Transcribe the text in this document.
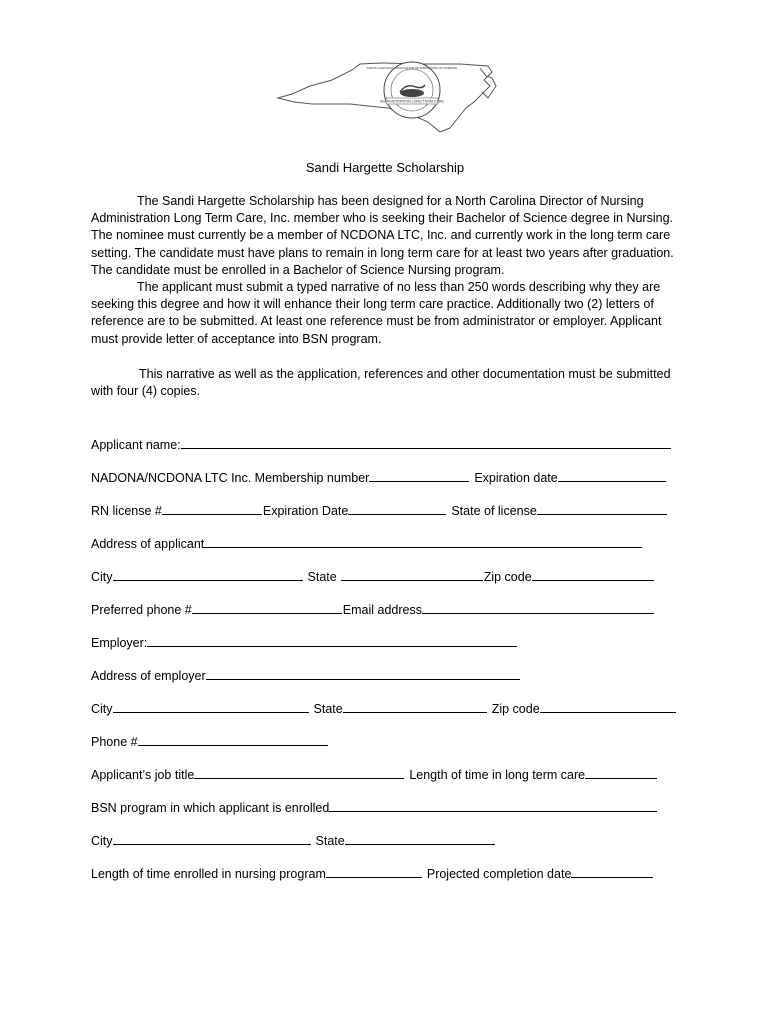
ADMINISTRATION LONG TERM CARE
NORTH CAROLINA ASSOCIATION OF DIRECTORS OF NURSING
Sandi Hargette Scholarship

The Sandi Hargette Scholarship has been designed for a North Carolina Director of Nursing Administration Long Term Care, Inc. member who is seeking their Bachelor of Science degree in Nursing. The nominee must currently be a member of NCDONA LTC, Inc. and currently work in the long term care setting. The candidate must have plans to remain in long term care for at least two years after graduation. The candidate must be enrolled in a Bachelor of Science Nursing program.

The applicant must submit a typed narrative of no less than 250 words describing why they are seeking this degree and how it will enhance their long term care practice. Additionally two (2) letters of reference are to be submitted. At least one reference must be from administrator or employer. Applicant must provide letter of acceptance into BSN program.

This narrative as well as the application, references and other documentation must be submitted with four (4) copies.

Applicant name:
NADONA/NCDONA LTC Inc. Membership number	Expiration date
RN license #	Expiration Date	State of license
Address of applicant
City	State	Zip code
Preferred phone #	Email address
Employer:
Address of employer
City	State	Zip code
Phone #
Applicant’s job title	Length of time in long term care
BSN program in which applicant is enrolled
City	State
Length of time enrolled in nursing program	Projected completion date
